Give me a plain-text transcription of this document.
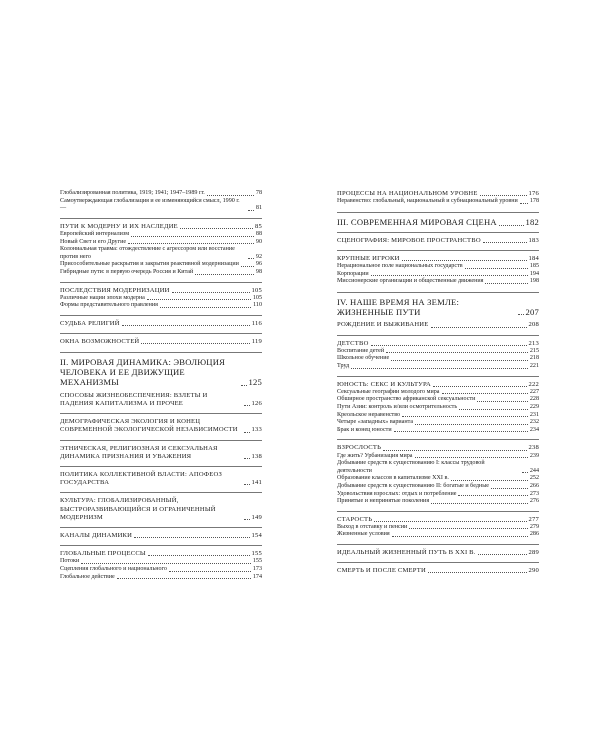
Глобализированная политика, 1919; 1941; 1947–1989 гг.	78
Самоутверждающая глобализация и ее изменяющийся смысл, 1990 г. —	81
ПУТИ К МОДЕРНУ И ИХ НАСЛЕДИЕ	85
Европейский интернализм	88
Новый Свет и его Другие	90
Колониальная травма: отождествление с агрессором или восстание против него	92
Присособительные раскрытия и закрытия реактивной модернизации	96
Гибридные пути: в первую очередь Россия и Китай	98
ПОСЛЕДСТВИЯ МОДЕРНИЗАЦИИ	105
Различные нации эпохи модерна	105
Формы представительного правления	110
СУДЬБА РЕЛИГИЙ	116
ОКНА ВОЗМОЖНОСТЕЙ	119
II. МИРОВАЯ ДИНАМИКА: ЭВОЛЮЦИЯ ЧЕЛОВЕКА И ЕЕ ДВИЖУЩИЕ МЕХАНИЗМЫ	125
СПОСОБЫ ЖИЗНЕОБЕСПЕЧЕНИЯ: ВЗЛЕТЫ И ПАДЕНИЯ КАПИТАЛИЗМА И ПРОЧЕЕ	126
ДЕМОГРАФИЧЕСКАЯ ЭКОЛОГИЯ И КОНЕЦ СОВРЕМЕННОЙ ЭКОЛОГИЧЕСКОЙ НЕЗАВИСИМОСТИ	133
ЭТНИЧЕСКАЯ, РЕЛИГИОЗНАЯ И СЕКСУАЛЬНАЯ ДИНАМИКА ПРИЗНАНИЯ И УВАЖЕНИЯ	138
ПОЛИТИКА КОЛЛЕКТИВНОЙ ВЛАСТИ: АПОФЕОЗ ГОСУДАРСТВА	141
КУЛЬТУРА: ГЛОБАЛИЗИРОВАННЫЙ, БЫСТРОРАЗВИВАЮЩИЙСЯ И ОГРАНИЧЕННЫЙ МОДЕРНИЗМ	149
КАНАЛЫ ДИНАМИКИ	154
ГЛОБАЛЬНЫЕ ПРОЦЕССЫ	155
Потоки	155
Сцепления глобального и национального	173
Глобальное действие	174
ПРОЦЕССЫ НА НАЦИОНАЛЬНОМ УРОВНЕ	176
Неравенство: глобальный, национальный и субнациональный уровни 178
III. СОВРЕМЕННАЯ МИРОВАЯ СЦЕНА	182
СЦЕНОГРАФИЯ: МИРОВОЕ ПРОСТРАНСТВО	183
КРУПНЫЕ ИГРОКИ	184
Нерациональное поле национальных государств	185
Корпорации	194
Миссионерские организации и общественные движения	198
IV. НАШЕ ВРЕМЯ НА ЗЕМЛЕ: ЖИЗНЕННЫЕ ПУТИ	207
РОЖДЕНИЕ И ВЫЖИВАНИЕ	208
ДЕТСТВО	213
Воспитание детей	215
Школьное обучение	218
Труд	221
ЮНОСТЬ: СЕКС И КУЛЬТУРА	222
Сексуальные географии молодого мира	227
Обширное пространство африканской сексуальности	228
Пути Азии: контроль и/или осмотрительность	229
Креольское неравенство	231
Четыре «западных» варианта	232
Брак и конец юности	234
ВЗРОСЛОСТЬ	238
Где жить? Урбанизация мира	239
Добывание средств к существованию I: классы трудовой деятельности	244
Образование классов в капитализме XXI в.	252
Добывание средств к существованию II: богатые и бедные	266
Удовольствия взрослых: отдых и потребление	273
Принятые и непринятые поколения	276
СТАРОСТЬ	277
Выход в отставку и пенсии	279
Жизненные условия	286
ИДЕАЛЬНЫЙ ЖИЗНЕННЫЙ ПУТЬ В XXI В.	289
СМЕРТЬ И ПОСЛЕ СМЕРТИ	290
